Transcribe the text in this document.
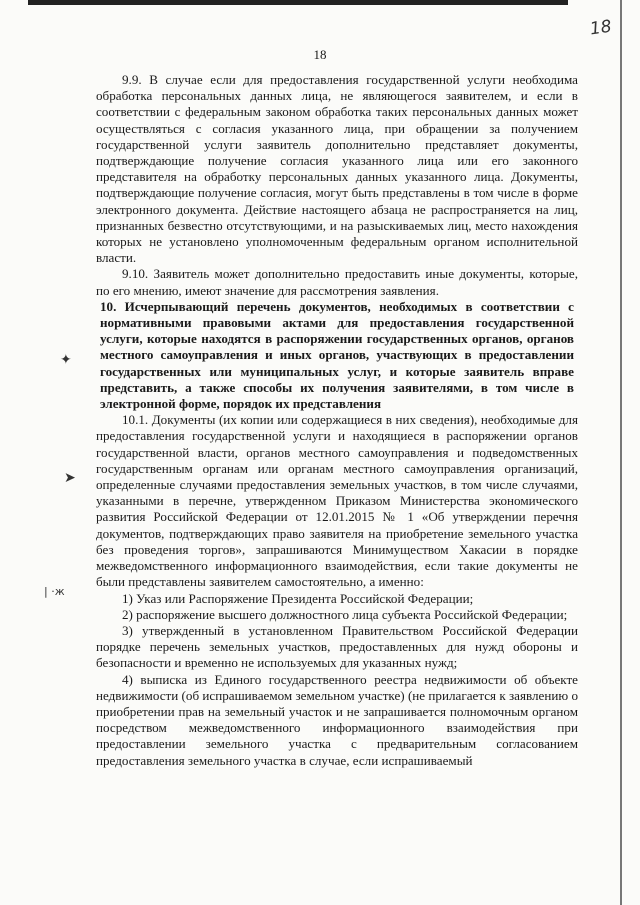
18
18
✦
➤
| ·ж

9.9. В случае если для предоставления государственной услуги необходима обработка персональных данных лица, не являющегося заявителем, и если в соответствии с федеральным законом обработка таких персональных данных может осуществляться с согласия указанного лица, при обращении за получением государственной услуги заявитель дополнительно представляет документы, подтверждающие получение согласия указанного лица или его законного представителя на обработку персональных данных указанного лица. Документы, подтверждающие получение согласия, могут быть представлены в том числе в форме электронного документа. Действие настоящего абзаца не распространяется на лиц, признанных безвестно отсутствующими, и на разыскиваемых лиц, место нахождения которых не установлено уполномоченным федеральным органом исполнительной власти.

9.10. Заявитель может дополнительно предоставить иные документы, которые, по его мнению, имеют значение для рассмотрения заявления.

10. Исчерпывающий перечень документов, необходимых в соответствии с нормативными правовыми актами для предоставления государственной услуги, которые находятся в распоряжении государственных органов, органов местного самоуправления и иных органов, участвующих в предоставлении государственных или муниципальных услуг, и которые заявитель вправе представить, а также способы их получения заявителями, в том числе в электронной форме, порядок их представления

10.1. Документы (их копии или содержащиеся в них сведения), необходимые для предоставления государственной услуги и находящиеся в распоряжении органов государственной власти, органов местного самоуправления и подведомственных государственным органам или органам местного самоуправления организаций, определенные случаями предоставления земельных участков, в том числе случаями, указанными в перечне, утвержденном Приказом Министерства экономического развития Российской Федерации от 12.01.2015 № 1 «Об утверждении перечня документов, подтверждающих право заявителя на приобретение земельного участка без проведения торгов», запрашиваются Минимуществом Хакасии в порядке межведомственного информационного взаимодействия, если такие документы не были представлены заявителем самостоятельно, а именно:

1) Указ или Распоряжение Президента Российской Федерации;

2) распоряжение высшего должностного лица субъекта Российской Федерации;

3) утвержденный в установленном Правительством Российской Федерации порядке перечень земельных участков, предоставленных для нужд обороны и безопасности и временно не используемых для указанных нужд;

4) выписка из Единого государственного реестра недвижимости об объекте недвижимости (об испрашиваемом земельном участке) (не прилагается к заявлению о приобретении прав на земельный участок и не запрашивается полномочным органом посредством межведомственного информационного взаимодействия при предоставлении земельного участка с предварительным согласованием предоставления земельного участка в случае, если испрашиваемый
